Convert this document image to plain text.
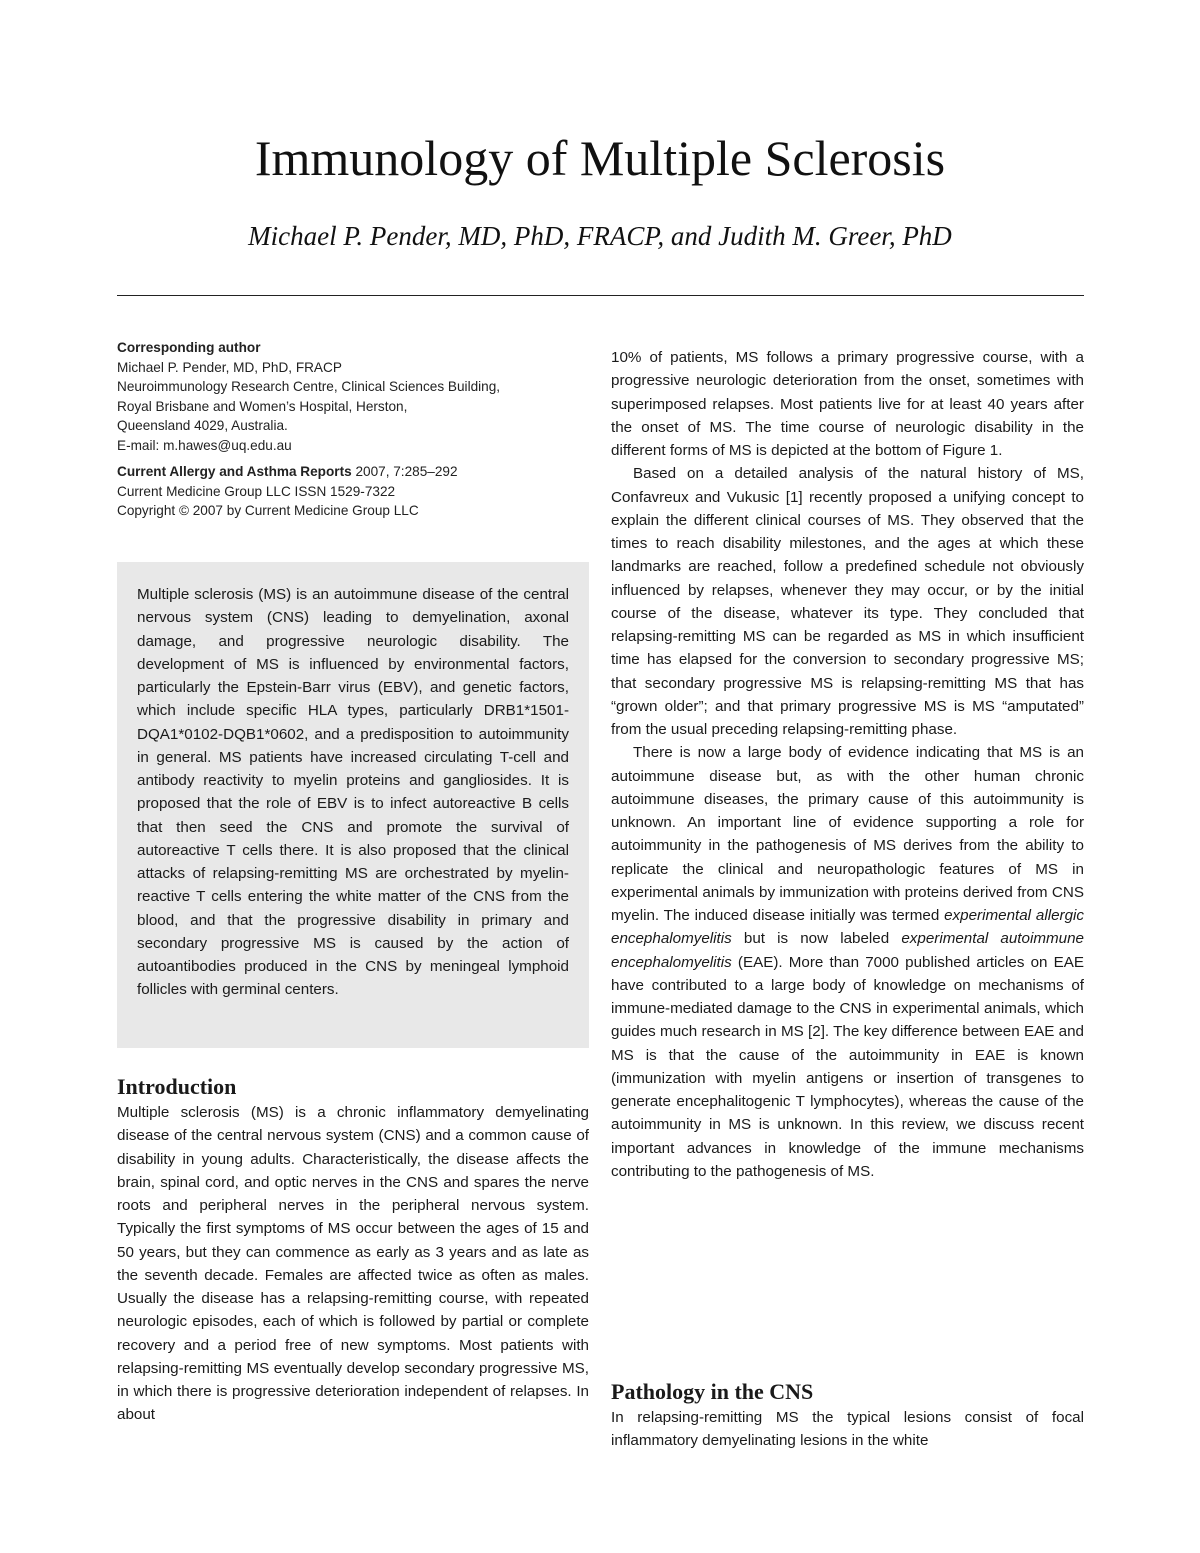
Immunology of Multiple Sclerosis
Michael P. Pender, MD, PhD, FRACP, and Judith M. Greer, PhD

Corresponding author

Michael P. Pender, MD, PhD, FRACP

Neuroimmunology Research Centre, Clinical Sciences Building,

Royal Brisbane and Women’s Hospital, Herston,

Queensland 4029, Australia.

E-mail: m.hawes@uq.edu.au

Current Allergy and Asthma Reports 2007, 7:285–292

Current Medicine Group LLC ISSN 1529-7322

Copyright © 2007 by Current Medicine Group LLC

Multiple sclerosis (MS) is an autoimmune disease of the central nervous system (CNS) leading to demyelination, axonal damage, and progressive neurologic disability. The development of MS is influenced by environmental factors, particularly the Epstein-Barr virus (EBV), and genetic factors, which include specific HLA types, particularly DRB1*1501-DQA1*0102-DQB1*0602, and a predisposition to autoimmunity in general. MS patients have increased circulating T-cell and antibody reactivity to myelin proteins and gangliosides. It is proposed that the role of EBV is to infect autoreactive B cells that then seed the CNS and promote the survival of autoreactive T cells there. It is also proposed that the clinical attacks of relapsing-remitting MS are orchestrated by myelin-reactive T cells entering the white matter of the CNS from the blood, and that the progressive disability in primary and secondary progressive MS is caused by the action of autoantibodies produced in the CNS by meningeal lymphoid follicles with germinal centers.

Introduction

Multiple sclerosis (MS) is a chronic inflammatory demyelinating disease of the central nervous system (CNS) and a common cause of disability in young adults. Characteristically, the disease affects the brain, spinal cord, and optic nerves in the CNS and spares the nerve roots and peripheral nerves in the peripheral nervous system. Typically the first symptoms of MS occur between the ages of 15 and 50 years, but they can commence as early as 3 years and as late as the seventh decade. Females are affected twice as often as males. Usually the disease has a relapsing-remitting course, with repeated neurologic episodes, each of which is followed by partial or complete recovery and a period free of new symptoms. Most patients with relapsing-remitting MS eventually develop secondary progressive MS, in which there is progressive deterioration independent of relapses. In about

10% of patients, MS follows a primary progressive course, with a progressive neurologic deterioration from the onset, sometimes with superimposed relapses. Most patients live for at least 40 years after the onset of MS. The time course of neurologic disability in the different forms of MS is depicted at the bottom of Figure 1.

Based on a detailed analysis of the natural history of MS, Confavreux and Vukusic [1] recently proposed a unifying concept to explain the different clinical courses of MS. They observed that the times to reach disability milestones, and the ages at which these landmarks are reached, follow a predefined schedule not obviously influenced by relapses, whenever they may occur, or by the initial course of the disease, whatever its type. They concluded that relapsing-remitting MS can be regarded as MS in which insufficient time has elapsed for the conversion to secondary progressive MS; that secondary progressive MS is relapsing-remitting MS that has “grown older”; and that primary progressive MS is MS “amputated” from the usual preceding relapsing-remitting phase.

There is now a large body of evidence indicating that MS is an autoimmune disease but, as with the other human chronic autoimmune diseases, the primary cause of this autoimmunity is unknown. An important line of evidence supporting a role for autoimmunity in the pathogenesis of MS derives from the ability to replicate the clinical and neuropathologic features of MS in experimental animals by immunization with proteins derived from CNS myelin. The induced disease initially was termed experimental allergic encephalomyelitis but is now labeled experimental autoimmune encephalomyelitis (EAE). More than 7000 published articles on EAE have contributed to a large body of knowledge on mechanisms of immune-mediated damage to the CNS in experimental animals, which guides much research in MS [2]. The key difference between EAE and MS is that the cause of the autoimmunity in EAE is known (immunization with myelin antigens or insertion of transgenes to generate encephalitogenic T lymphocytes), whereas the cause of the autoimmunity in MS is unknown. In this review, we discuss recent important advances in knowledge of the immune mechanisms contributing to the pathogenesis of MS.

Pathology in the CNS

In relapsing-remitting MS the typical lesions consist of focal inflammatory demyelinating lesions in the white
